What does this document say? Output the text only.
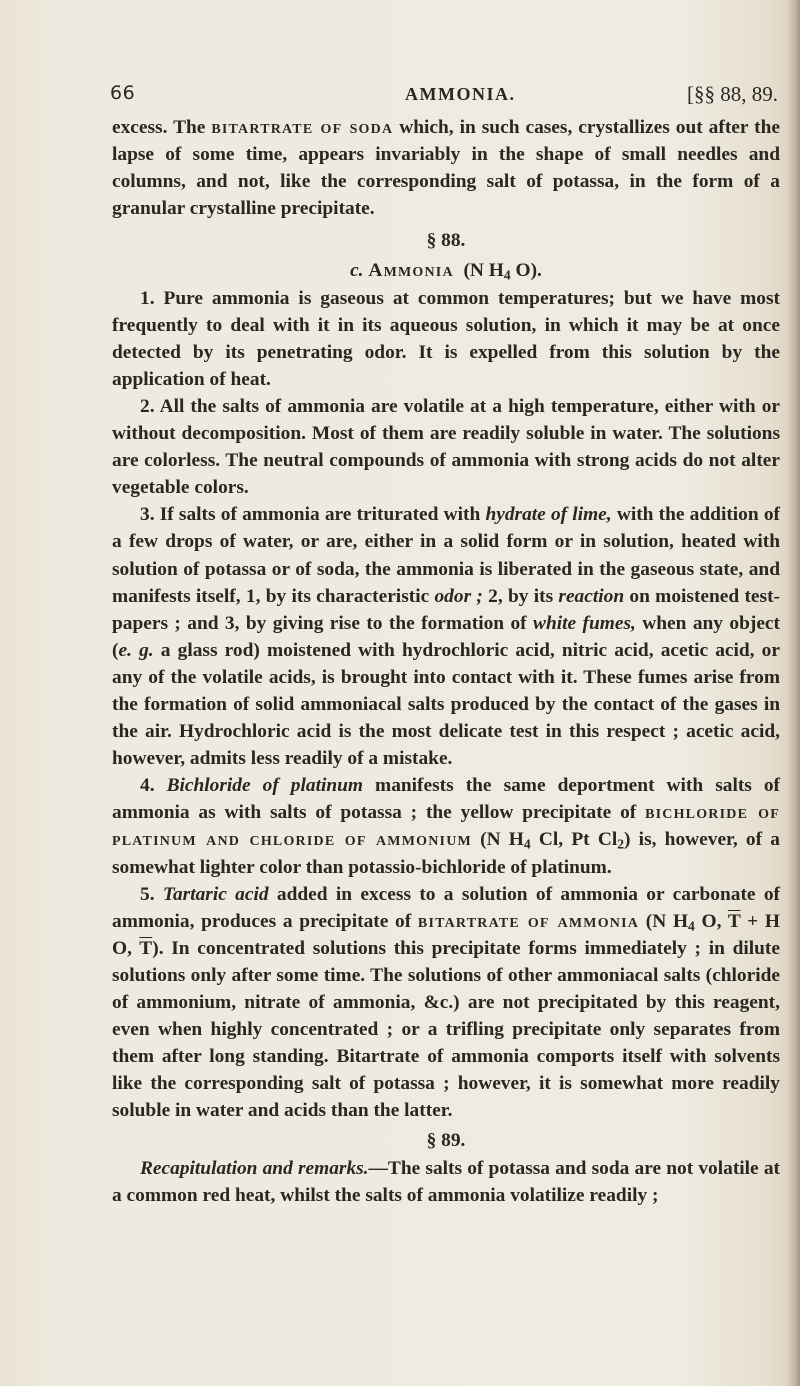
66	AMMONIA.	[§§ 88, 89.

excess. The bitartrate of soda which, in such cases, crystallizes out after the lapse of some time, appears invariably in the shape of small needles and columns, and not, like the corresponding salt of potassa, in the form of a granular crystalline precipitate.

§ 88.

c. Ammonia (N $H_4$ O).

1. Pure ammonia is gaseous at common temperatures; but we have most frequently to deal with it in its aqueous solution, in which it may be at once detected by its penetrating odor. It is expelled from this solution by the application of heat.

2. All the salts of ammonia are volatile at a high temperature, either with or without decomposition. Most of them are readily soluble in water. The solutions are colorless. The neutral compounds of ammonia with strong acids do not alter vegetable colors.

3. If salts of ammonia are triturated with hydrate of lime, with the addition of a few drops of water, or are, either in a solid form or in solution, heated with solution of potassa or of soda, the ammonia is liberated in the gaseous state, and manifests itself, 1, by its characteristic odor ; 2, by its reaction on moistened test-papers ; and 3, by giving rise to the formation of white fumes, when any object (e. g. a glass rod) moistened with hydrochloric acid, nitric acid, acetic acid, or any of the volatile acids, is brought into contact with it. These fumes arise from the formation of solid ammoniacal salts produced by the contact of the gases in the air. Hydrochloric acid is the most delicate test in this respect ; acetic acid, however, admits less readily of a mistake.

4. Bichloride of platinum manifests the same deportment with salts of ammonia as with salts of potassa ; the yellow precipitate of bichloride of platinum and chloride of ammonium (N $H_4$ Cl, Pt $Cl_2$) is, however, of a somewhat lighter color than potassio-bichloride of platinum.

5. Tartaric acid added in excess to a solution of ammonia or carbonate of ammonia, produces a precipitate of bitartrate of ammonia (N $H_4$ O, $\overline{T} + H$ O, $\overline{T}$). In concentrated solutions this precipitate forms immediately ; in dilute solutions only after some time. The solutions of other ammoniacal salts (chloride of ammonium, nitrate of ammonia, &c.) are not precipitated by this reagent, even when highly concentrated ; or a trifling precipitate only separates from them after long standing. Bitartrate of ammonia comports itself with solvents like the corresponding salt of potassa ; however, it is somewhat more readily soluble in water and acids than the latter.

§ 89.

Recapitulation and remarks.—The salts of potassa and soda are not volatile at a common red heat, whilst the salts of ammonia volatilize readily ;
